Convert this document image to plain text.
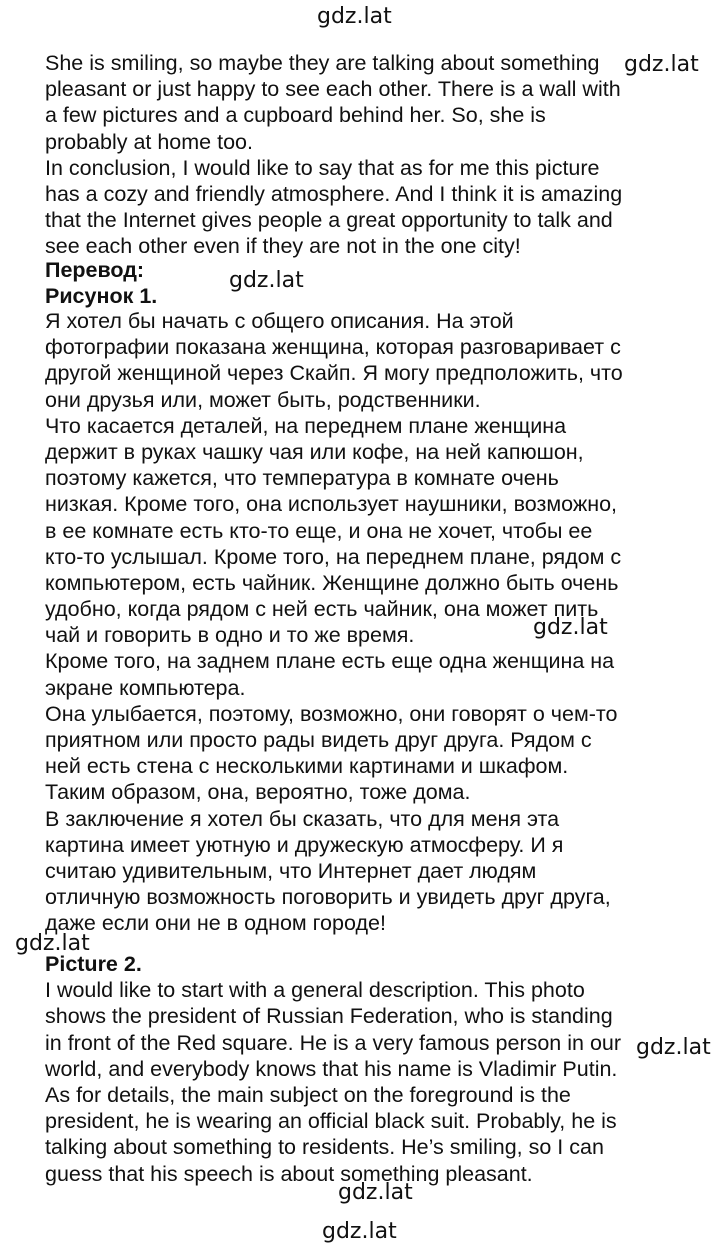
gdz.lat
gdz.lat
gdz.lat
gdz.lat
gdz.lat
gdz.lat
gdz.lat
gdz.lat
She is smiling, so maybe they are talking about something
pleasant or just happy to see each other. There is a wall with
a few pictures and a cupboard behind her. So, she is
probably at home too.
In conclusion, I would like to say that as for me this picture
has a cozy and friendly atmosphere. And I think it is amazing
that the Internet gives people a great opportunity to talk and
see each other even if they are not in the one city!
Перевод:
Рисунок 1.
Я хотел бы начать с общего описания. На этой
фотографии показана женщина, которая разговаривает с
другой женщиной через Скайп. Я могу предположить, что
они друзья или, может быть, родственники.
Что касается деталей, на переднем плане женщина
держит в руках чашку чая или кофе, на ней капюшон,
поэтому кажется, что температура в комнате очень
низкая. Кроме того, она использует наушники, возможно,
в ее комнате есть кто-то еще, и она не хочет, чтобы ее
кто-то услышал. Кроме того, на переднем плане, рядом с
компьютером, есть чайник. Женщине должно быть очень
удобно, когда рядом с ней есть чайник, она может пить
чай и говорить в одно и то же время.
Кроме того, на заднем плане есть еще одна женщина на
экране компьютера.
Она улыбается, поэтому, возможно, они говорят о чем-то
приятном или просто рады видеть друг друга. Рядом с
ней есть стена с несколькими картинами и шкафом.
Таким образом, она, вероятно, тоже дома.
В заключение я хотел бы сказать, что для меня эта
картина имеет уютную и дружескую атмосферу. И я
считаю удивительным, что Интернет дает людям
отличную возможность поговорить и увидеть друг друга,
даже если они не в одном городе!
Picture 2.
I would like to start with a general description. This photo
shows the president of Russian Federation, who is standing
in front of the Red square. He is a very famous person in our
world, and everybody knows that his name is Vladimir Putin.
As for details, the main subject on the foreground is the
president, he is wearing an official black suit. Probably, he is
talking about something to residents. He’s smiling, so I can
guess that his speech is about something pleasant.
